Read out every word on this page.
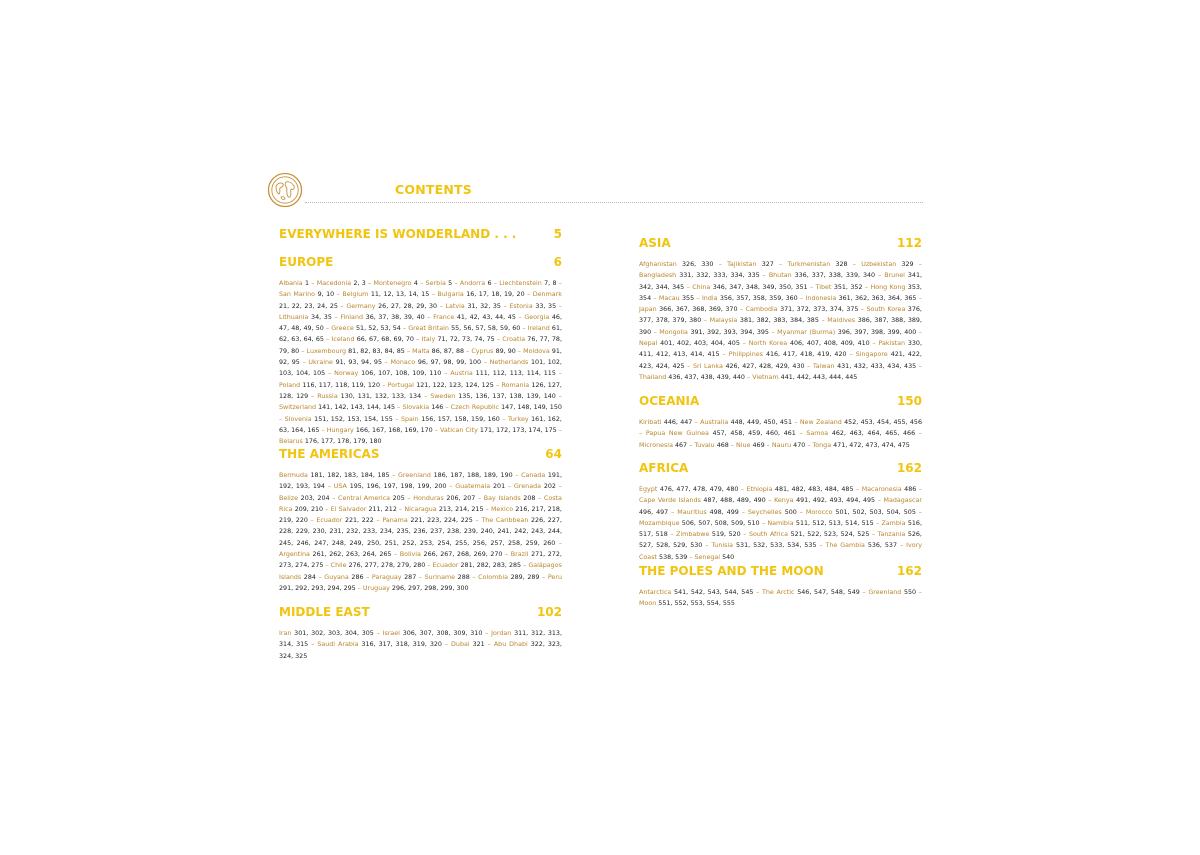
CONTENTS
EVERYWHERE IS WONDERLAND . . .	5
EUROPE	6
Albania 1 – Macedonia 2, 3 – Montenegro 4 – Serbia 5 – Andorra 6 – Liechtenstein 7, 8 – San Marino 9, 10 – Belgium 11, 12, 13, 14, 15 – Bulgaria 16, 17, 18, 19, 20 – Denmark 21, 22, 23, 24, 25 – Germany 26, 27, 28, 29, 30 – Latvia 31, 32, 35 – Estonia 33, 35 – Lithuania 34, 35 – Finland 36, 37, 38, 39, 40 – France 41, 42, 43, 44, 45 – Georgia 46, 47, 48, 49, 50 – Greece 51, 52, 53, 54 – Great Britain 55, 56, 57, 58, 59, 60 – Ireland 61, 62, 63, 64, 65 – Iceland 66, 67, 68, 69, 70 – Italy 71, 72, 73, 74, 75 – Croatia 76, 77, 78, 79, 80 – Luxembourg 81, 82, 83, 84, 85 – Malta 86, 87, 88 – Cyprus 89, 90 – Moldova 91, 92, 95 – Ukraine 91, 93, 94, 95 – Monaco 96, 97, 98, 99, 100 – Netherlands 101, 102, 103, 104, 105 – Norway 106, 107, 108, 109, 110 – Austria 111, 112, 113, 114, 115 – Poland 116, 117, 118, 119, 120 – Portugal 121, 122, 123, 124, 125 – Romania 126, 127, 128, 129 – Russia 130, 131, 132, 133, 134 – Sweden 135, 136, 137, 138, 139, 140 – Switzerland 141, 142, 143, 144, 145 – Slovakia 146 – Czech Republic 147, 148, 149, 150 – Slovenia 151, 152, 153, 154, 155 – Spain 156, 157, 158, 159, 160 – Turkey 161, 162, 63, 164, 165 – Hungary 166, 167, 168, 169, 170 – Vatican City 171, 172, 173, 174, 175 – Belarus 176, 177, 178, 179, 180
THE AMERICAS	64
Bermuda 181, 182, 183, 184, 185 – Greenland 186, 187, 188, 189, 190 – Canada 191, 192, 193, 194 – USA 195, 196, 197, 198, 199, 200 – Guatemala 201 – Grenada 202 – Belize 203, 204 – Central America 205 – Honduras 206, 207 – Bay Islands 208 – Costa Rica 209, 210 – El Salvador 211, 212 – Nicaragua 213, 214, 215 – Mexico 216, 217, 218, 219, 220 – Ecuador 221, 222 – Panama 221, 223, 224, 225 – The Caribbean 226, 227, 228, 229, 230, 231, 232, 233, 234, 235, 236, 237, 238, 239, 240, 241, 242, 243, 244, 245, 246, 247, 248, 249, 250, 251, 252, 253, 254, 255, 256, 257, 258, 259, 260 – Argentina 261, 262, 263, 264, 265 – Bolivia 266, 267, 268, 269, 270 – Brazil 271, 272, 273, 274, 275 – Chile 276, 277, 278, 279, 280 – Ecuador 281, 282, 283, 285 – Galápagos Islands 284 – Guyana 286 – Paraguay 287 – Suriname 288 – Colombia 289, 289 – Peru 291, 292, 293, 294, 295 – Uruguay 296, 297, 298, 299, 300
MIDDLE EAST	102
Iran 301, 302, 303, 304, 305 – Israel 306, 307, 308, 309, 310 – Jordan 311, 312, 313, 314, 315 – Saudi Arabia 316, 317, 318, 319, 320 – Dubai 321 – Abu Dhabi 322, 323, 324, 325
ASIA	112
Afghanistan 326, 330 – Tajikistan 327 – Turkmenistan 328 – Uzbekistan 329 – Bangladesh 331, 332, 333, 334, 335 – Bhutan 336, 337, 338, 339, 340 – Brunei 341, 342, 344, 345 – China 346, 347, 348, 349, 350, 351 – Tibet 351, 352 – Hong Kong 353, 354 – Macau 355 – India 356, 357, 358, 359, 360 – Indonesia 361, 362, 363, 364, 365 – Japan 366, 367, 368, 369, 370 – Cambodia 371, 372, 373, 374, 375 – South Korea 376, 377, 378, 379, 380 – Malaysia 381, 382, 383, 384, 385 – Maldives 386, 387, 388, 389, 390 – Mongolia 391, 392, 393, 394, 395 – Myanmar (Burma) 396, 397, 398, 399, 400 – Nepal 401, 402, 403, 404, 405 – North Korea 406, 407, 408, 409, 410 – Pakistan 330, 411, 412, 413, 414, 415 – Philippines 416, 417, 418, 419, 420 – Singapore 421, 422, 423, 424, 425 – Sri Lanka 426, 427, 428, 429, 430 – Taiwan 431, 432, 433, 434, 435 – Thailand 436, 437, 438, 439, 440 – Vietnam 441, 442, 443, 444, 445
OCEANIA	150
Kiribati 446, 447 – Australia 448, 449, 450, 451 – New Zealand 452, 453, 454, 455, 456 – Papua New Guinea 457, 458, 459, 460, 461 – Samoa 462, 463, 464, 465, 466 – Micronesia 467 – Tuvalu 468 – Niue 469 – Nauru 470 – Tonga 471, 472, 473, 474, 475
AFRICA	162
Egypt 476, 477, 478, 479, 480 – Ethiopia 481, 482, 483, 484, 485 – Macaronesia 486 – Cape Verde Islands 487, 488, 489, 490 – Kenya 491, 492, 493, 494, 495 – Madagascar 496, 497 – Mauritius 498, 499 – Seychelles 500 – Morocco 501, 502, 503, 504, 505 – Mozambique 506, 507, 508, 509, 510 – Namibia 511, 512, 513, 514, 515 – Zambia 516, 517, 518 – Zimbabwe 519, 520 – South Africa 521, 522, 523, 524, 525 – Tanzania 526, 527, 528, 529, 530 – Tunisia 531, 532, 533, 534, 535 – The Gambia 536, 537 – Ivory Coast 538, 539 – Senegal 540
THE POLES AND THE MOON	162
Antarctica 541, 542, 543, 544, 545 – The Arctic 546, 547, 548, 549 – Greenland 550 – Moon 551, 552, 553, 554, 555
